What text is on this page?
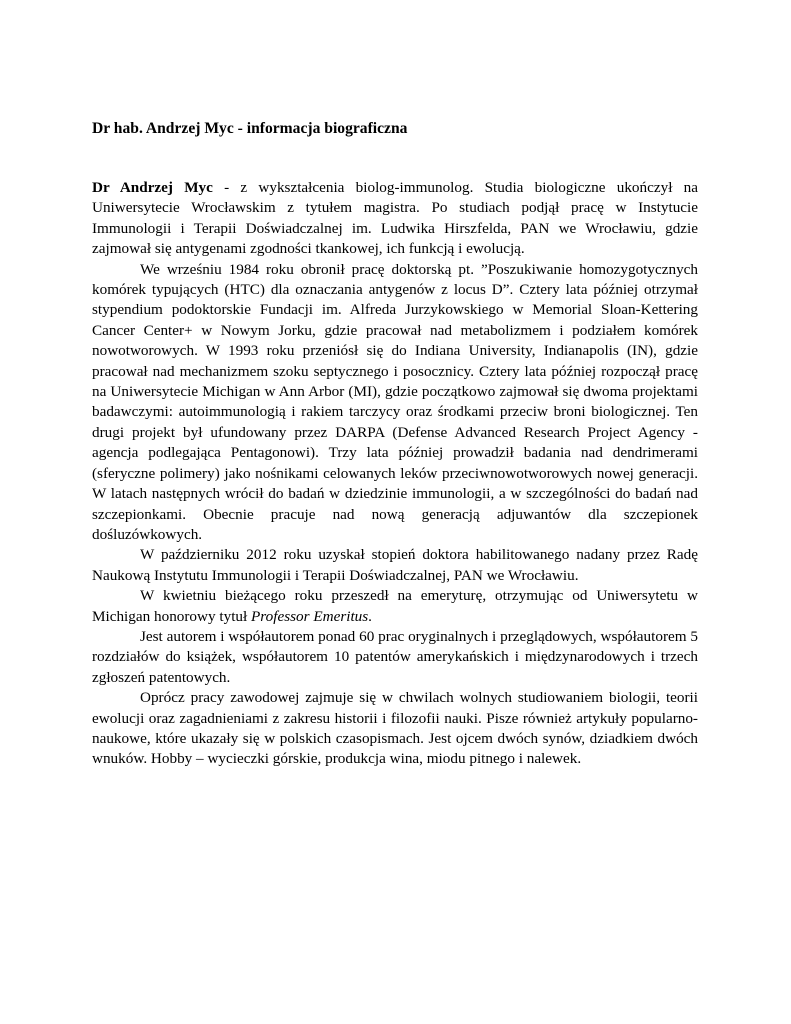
Dr hab. Andrzej Myc - informacja biograficzna

Dr Andrzej Myc - z wykształcenia biolog-immunolog. Studia biologiczne ukończył na Uniwersytecie Wrocławskim z tytułem magistra. Po studiach podjął pracę w Instytucie Immunologii i Terapii Doświadczalnej im. Ludwika Hirszfelda, PAN we Wrocławiu, gdzie zajmował się antygenami zgodności tkankowej, ich funkcją i ewolucją.

We wrześniu 1984 roku obronił pracę doktorską pt. ”Poszukiwanie homozygotycznych komórek typujących (HTC) dla oznaczania antygenów z locus D”. Cztery lata później otrzymał stypendium podoktorskie Fundacji im. Alfreda Jurzykowskiego w Memorial Sloan-Kettering Cancer Center+ w Nowym Jorku, gdzie pracował nad metabolizmem i podziałem komórek nowotworowych. W 1993 roku przeniósł się do Indiana University, Indianapolis (IN), gdzie pracował nad mechanizmem szoku septycznego i posocznicy. Cztery lata później rozpoczął pracę na Uniwersytecie Michigan w Ann Arbor (MI), gdzie początkowo zajmował się dwoma projektami badawczymi: autoimmunologią i rakiem tarczycy oraz środkami przeciw broni biologicznej. Ten drugi projekt był ufundowany przez DARPA (Defense Advanced Research Project Agency - agencja podlegająca Pentagonowi). Trzy lata później prowadził badania nad dendrimerami (sferyczne polimery) jako nośnikami celowanych leków przeciwnowotworowych nowej generacji. W latach następnych wrócił do badań w dziedzinie immunologii, a w szczególności do badań nad szczepionkami. Obecnie pracuje nad nową generacją adjuwantów dla szczepionek dośluzówkowych.

W październiku 2012 roku uzyskał stopień doktora habilitowanego nadany przez Radę Naukową Instytutu Immunologii i Terapii Doświadczalnej, PAN we Wrocławiu.

W kwietniu bieżącego roku przeszedł na emeryturę, otrzymując od Uniwersytetu w Michigan honorowy tytuł Professor Emeritus.

Jest autorem i współautorem ponad 60 prac oryginalnych i przeglądowych, współautorem 5 rozdziałów do książek, współautorem 10 patentów amerykańskich i międzynarodowych i trzech zgłoszeń patentowych.

Oprócz pracy zawodowej zajmuje się w chwilach wolnych studiowaniem biologii, teorii ewolucji oraz zagadnieniami z zakresu historii i filozofii nauki. Pisze również artykuły popularno-naukowe, które ukazały się w polskich czasopismach. Jest ojcem dwóch synów, dziadkiem dwóch wnuków. Hobby – wycieczki górskie, produkcja wina, miodu pitnego i nalewek.
